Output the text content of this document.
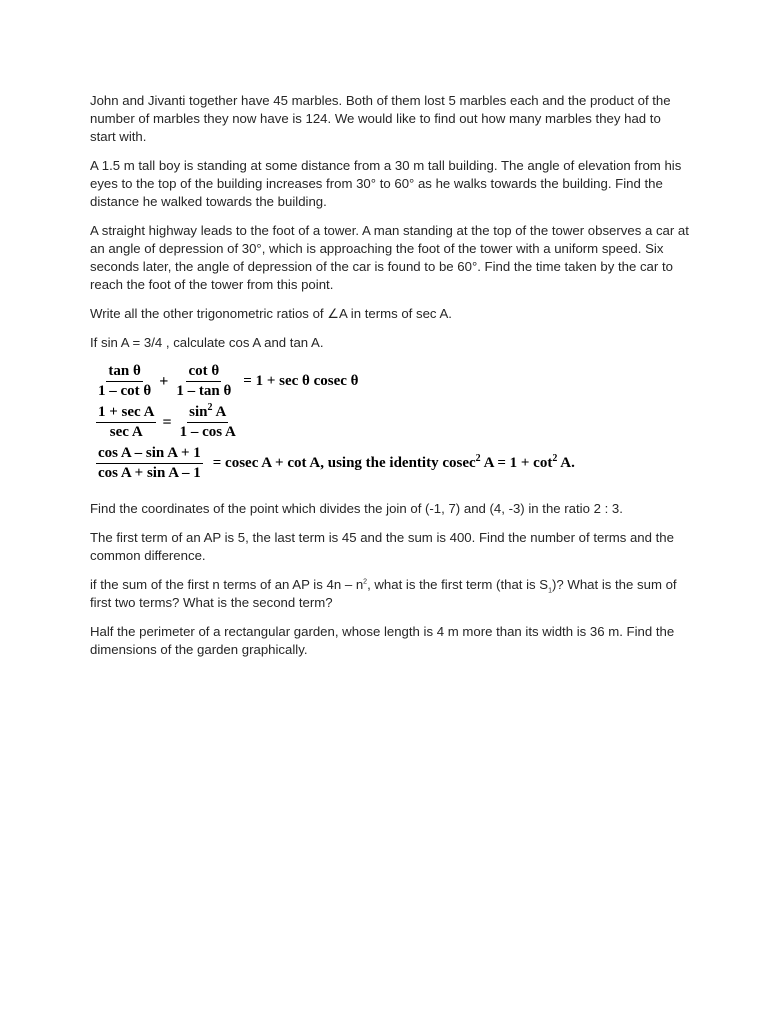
John and Jivanti together have 45 marbles. Both of them lost 5 marbles each and the product of the number of marbles they now have is 124. We would like to find out how many marbles they had to start with.

A 1.5 m tall boy is standing at some distance from a 30 m tall building. The angle of elevation from his eyes to the top of the building increases from 30° to 60° as he walks towards the building. Find the distance he walked towards the building.

A straight highway leads to the foot of a tower. A man standing at the top of the tower observes a car at an angle of depression of 30°, which is approaching the foot of the tower with a uniform speed. Six seconds later, the angle of depression of the car is found to be 60°. Find the time taken by the car to reach the foot of the tower from this point.

Write all the other trigonometric ratios of ∠A in terms of sec A.

If sin A = 3/4 , calculate cos A and tan A.

$\frac{\text{tan θ}}{\text{1 – cot θ}} + \frac{\text{cot θ}}{\text{1 – tan θ}} = 1 + \sec \theta$ cosec θ
$\frac{\text{1 + sec A}}{\text{sec A}} = \frac{\sin^2 A}{\text{1 – cos A}}$
$\frac{\text{cos A – sin A + 1}}{\text{cos A + sin A – 1}} = cosec$ A + cot A, using the identity cosec$^2$ $A = 1 + \cot^2 A$.

Find the coordinates of the point which divides the join of (-1, 7) and (4, -3) in the ratio 2 : 3.

The first term of an AP is 5, the last term is 45 and the sum is 400. Find the number of terms and the common difference.

if the sum of the first n terms of an AP is $4n - n^2$, what is the first term (that is $S_1$)? What is the sum of first two terms? What is the second term?

Half the perimeter of a rectangular garden, whose length is 4 m more than its width is 36 m. Find the dimensions of the garden graphically.
